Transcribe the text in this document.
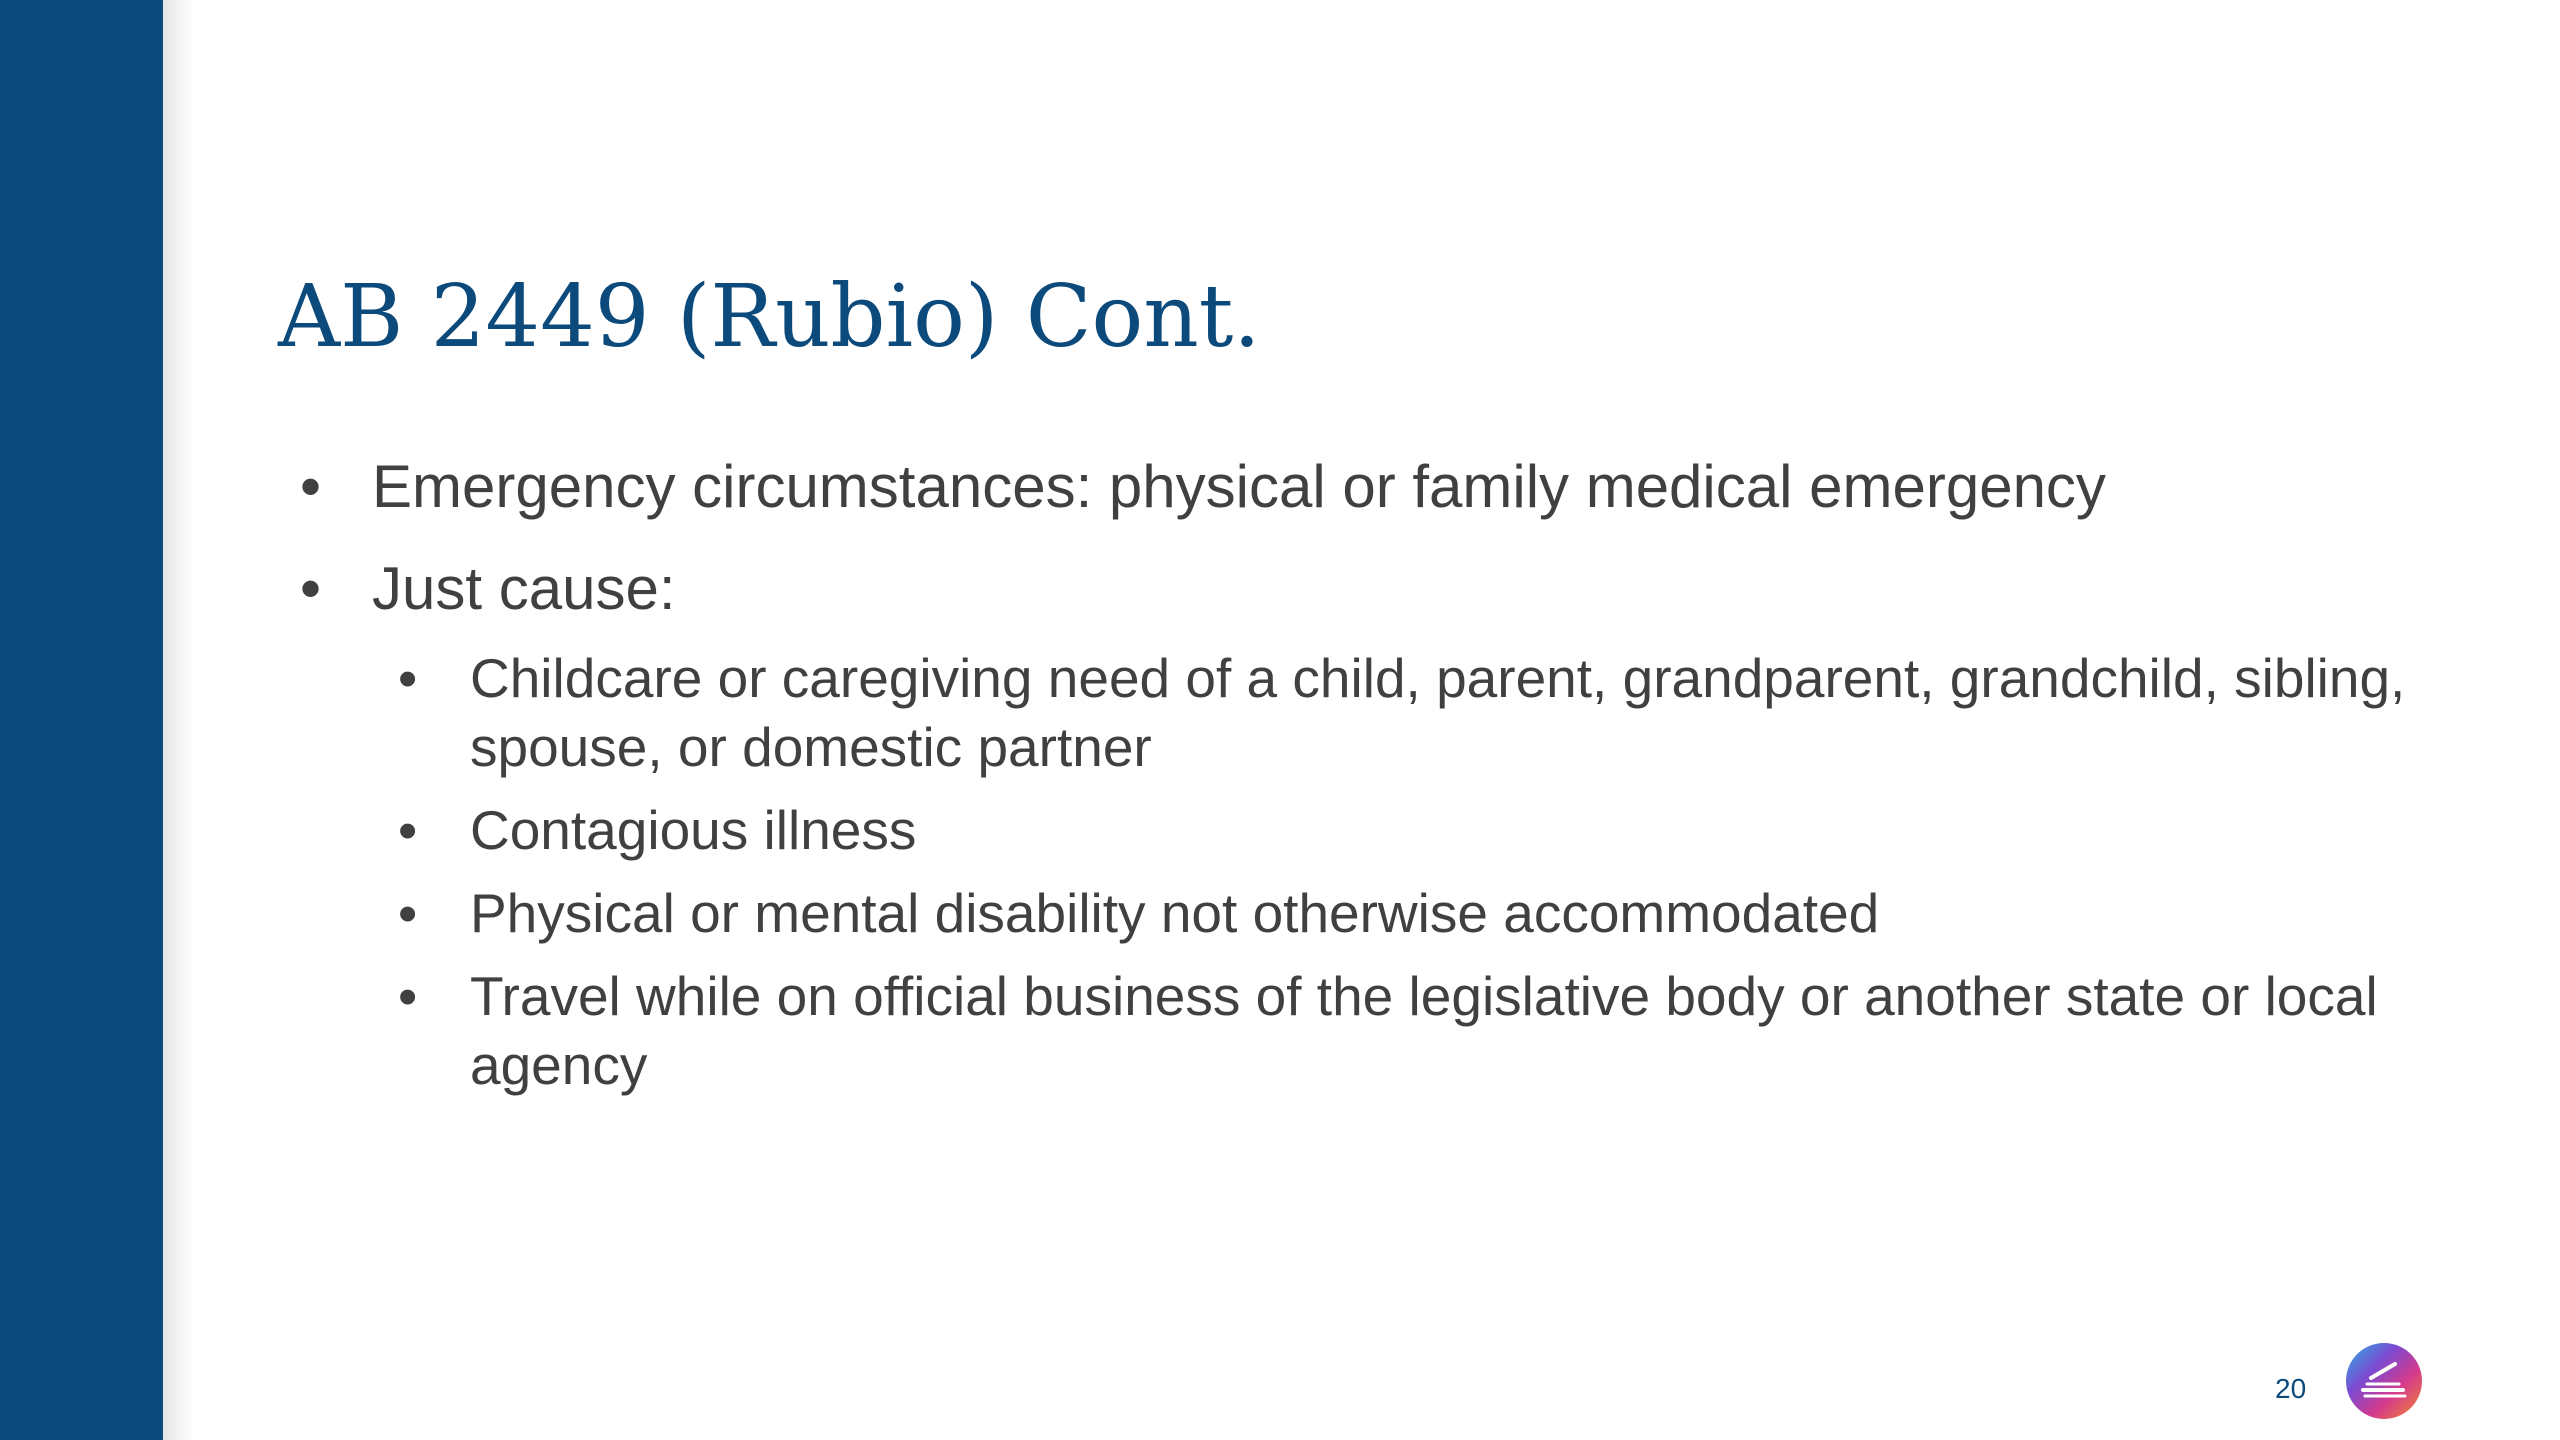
AB 2449 (Rubio) Cont.
• Emergency circumstances: physical or family medical emergency
• Just cause:
• Childcare or caregiving need of a child, parent, grandparent, grandchild, sibling, spouse, or domestic partner
• Contagious illness
• Physical or mental disability not otherwise accommodated
• Travel while on official business of the legislative body or another state or local agency
20
